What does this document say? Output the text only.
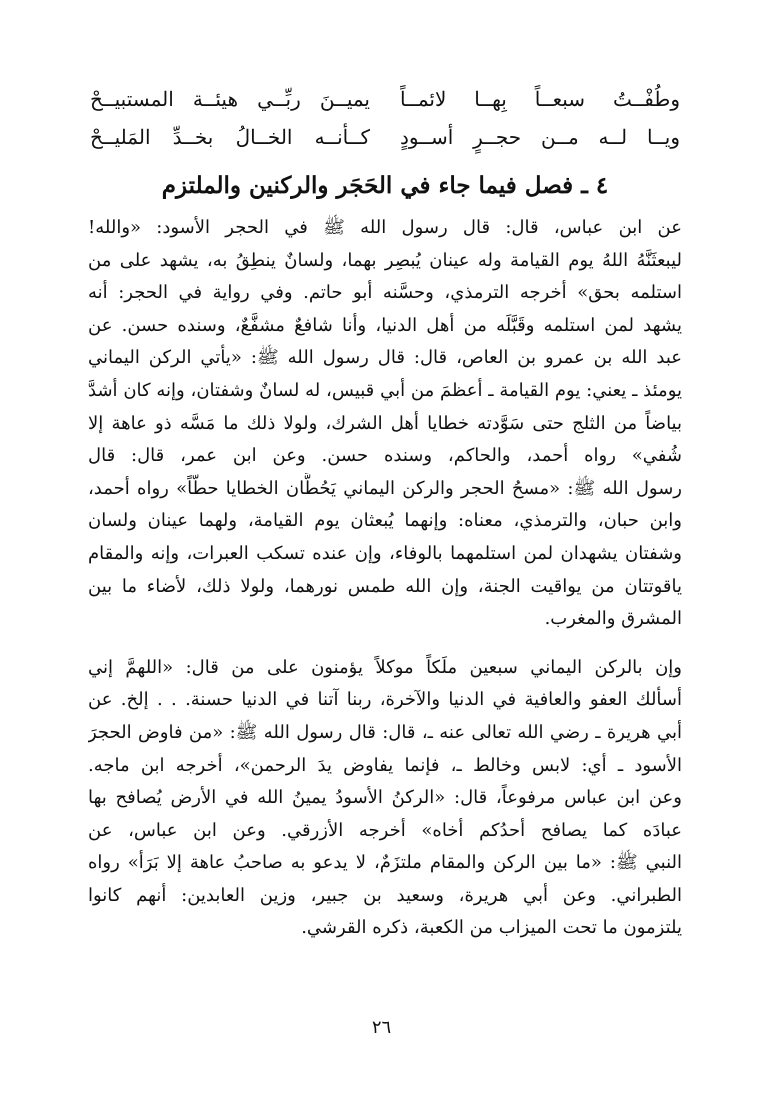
وطُفْــتُ سبعــاً بِهــا لائمــاً
يميــنَ ربِّــي هيئــة المستبيــحْ
ويــا لــه مــن حجــرٍ أســودٍ
كــأنــه الخــالُ بخــدِّ المَليــحْ
٤ ـ فصل فيما جاء في الحَجَر والركنين والملتزم
عن ابن عباس، قال: قال رسول الله ﷺ في الحجر الأسود: «والله!
ليبعثَنَّهُ اللهُ يوم القيامة وله عينان يُبصِر بهما، ولسانٌ ينطِقُ به، يشهد على من
استلمه بحق» أخرجه الترمذي، وحسَّنه أبو حاتم. وفي رواية في الحجر: أنه
يشهد لمن استلمه وقَبَّلَه من أهل الدنيا، وأنا شافعٌ مشفَّعٌ، وسنده حسن. عن
عبد الله بن عمرو بن العاص، قال: قال رسول الله ﷺ: «يأتي الركن اليماني
يومئذ ـ يعني: يوم القيامة ـ أعظمَ من أبي قبيس، له لسانٌ وشفتان، وإنه كان أشدَّ
بياضاً من الثلج حتى سَوَّدته خطايا أهل الشرك، ولولا ذلك ما مَسَّه ذو عاهة إلا
شُفي» رواه أحمد، والحاكم، وسنده حسن. وعن ابن عمر، قال: قال
رسول الله ﷺ: «مسحُ الحجر والركن اليماني يَحُطَّان الخطايا حطّاً» رواه أحمد،
وابن حبان، والترمذي، معناه: وإنهما يُبعثان يوم القيامة، ولهما عينان ولسان
وشفتان يشهدان لمن استلمهما بالوفاء، وإن عنده تسكب العبرات، وإنه والمقام
ياقوتتان من يواقيت الجنة، وإن الله طمس نورهما، ولولا ذلك، لأضاء ما بين
المشرق والمغرب.
وإن بالركن اليماني سبعين ملَكاً موكلاً يؤمنون على من قال: «اللهمَّ إني
أسألك العفو والعافية في الدنيا والآخرة، ربنا آتنا في الدنيا حسنة. . . إلخ. عن
أبي هريرة ـ رضي الله تعالى عنه ـ، قال: قال رسول الله ﷺ: «من فاوض الحجرَ
الأسود ـ أي: لابس وخالط ـ، فإنما يفاوض يدَ الرحمن»، أخرجه ابن ماجه.
وعن ابن عباس مرفوعاً، قال: «الركنُ الأسودُ يمينُ الله في الأرض يُصافح بها
عبادَه كما يصافح أحدُكم أخاه» أخرجه الأزرقي. وعن ابن عباس، عن
النبي ﷺ: «ما بين الركن والمقام ملتزَمٌ، لا يدعو به صاحبُ عاهة إلا بَرَأ» رواه
الطبراني. وعن أبي هريرة، وسعيد بن جبير، وزين العابدين: أنهم كانوا
يلتزمون ما تحت الميزاب من الكعبة، ذكره القرشي.
٢٦
